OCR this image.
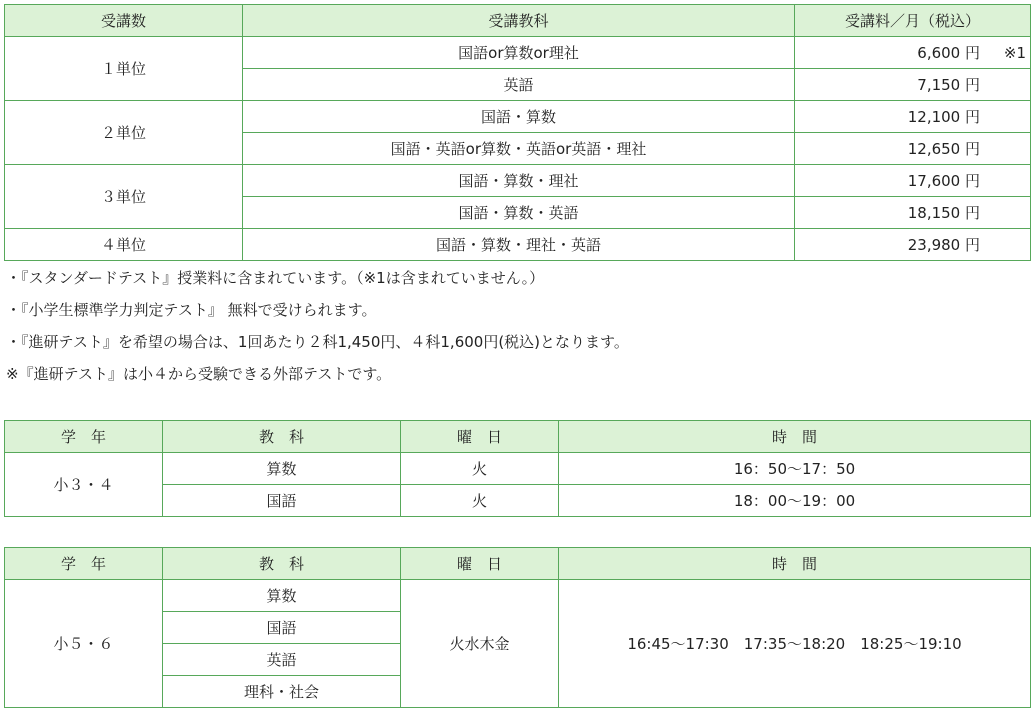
受講数	受講教科	受講料／月（税込）
１単位	国語or算数or理社	6,600 円 ※1
	英語	7,150 円
２単位	国語・算数	12,100 円
	国語・英語or算数・英語or英語・理社	12,650 円
３単位	国語・算数・理社	17,600 円
	国語・算数・英語	18,150 円
４単位	国語・算数・理社・英語	23,980 円

・『スタンダードテスト』授業料に含まれています。（※1は含まれていません。）

・『小学生標準学力判定テスト』 無料で受けられます。

・『進研テスト』を希望の場合は、1回あたり２科1,450円、４科1,600円(税込)となります。

※『進研テスト』は小４から受験できる外部テストです。

学　年	教　科	曜　日	時　間
小３・４	算数	火	16：50〜17：50
	国語	火	18：00〜19：00
学　年	教　科	曜　日	時　間
小５・６	算数	火水木金	16:45〜17:30　17:35〜18:20　18:25〜19:10
	国語		
	英語		
	理科・社会		
